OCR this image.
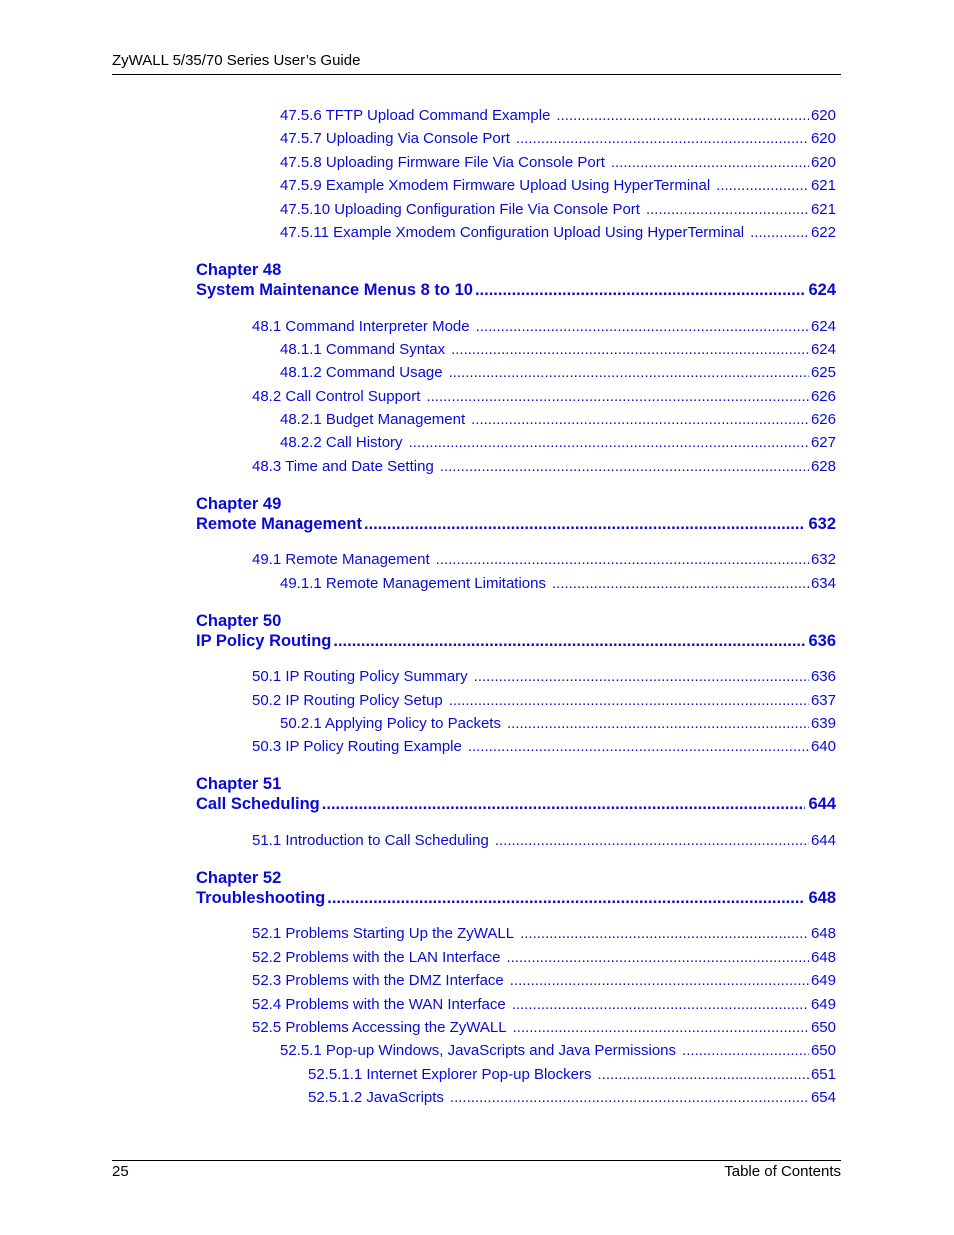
ZyWALL 5/35/70 Series User’s Guide
47.5.6 TFTP Upload Command Example .....	620
47.5.7 Uploading Via Console Port .....	620
47.5.8 Uploading Firmware File Via Console Port .....	620
47.5.9 Example Xmodem Firmware Upload Using HyperTerminal .....	621
47.5.10 Uploading Configuration File Via Console Port .....	621
47.5.11 Example Xmodem Configuration Upload Using HyperTerminal .....	622
Chapter 48
System Maintenance Menus 8 to 10 .....	624
48.1 Command Interpreter Mode .....	624
48.1.1 Command Syntax .....	624
48.1.2 Command Usage .....	625
48.2 Call Control Support .....	626
48.2.1 Budget Management .....	626
48.2.2 Call History .....	627
48.3 Time and Date Setting .....	628
Chapter 49
Remote Management .....	632
49.1 Remote Management .....	632
49.1.1 Remote Management Limitations .....	634
Chapter 50
IP Policy Routing .....	636
50.1 IP Routing Policy Summary .....	636
50.2 IP Routing Policy Setup .....	637
50.2.1 Applying Policy to Packets .....	639
50.3 IP Policy Routing Example .....	640
Chapter 51
Call Scheduling .....	644
51.1 Introduction to Call Scheduling .....	644
Chapter 52
Troubleshooting .....	648
52.1 Problems Starting Up the ZyWALL .....	648
52.2 Problems with the LAN Interface .....	648
52.3 Problems with the DMZ Interface .....	649
52.4 Problems with the WAN Interface .....	649
52.5 Problems Accessing the ZyWALL .....	650
52.5.1 Pop-up Windows, JavaScripts and Java Permissions .....	650
52.5.1.1 Internet Explorer Pop-up Blockers .....	651
52.5.1.2 JavaScripts .....	654
25	Table of Contents
